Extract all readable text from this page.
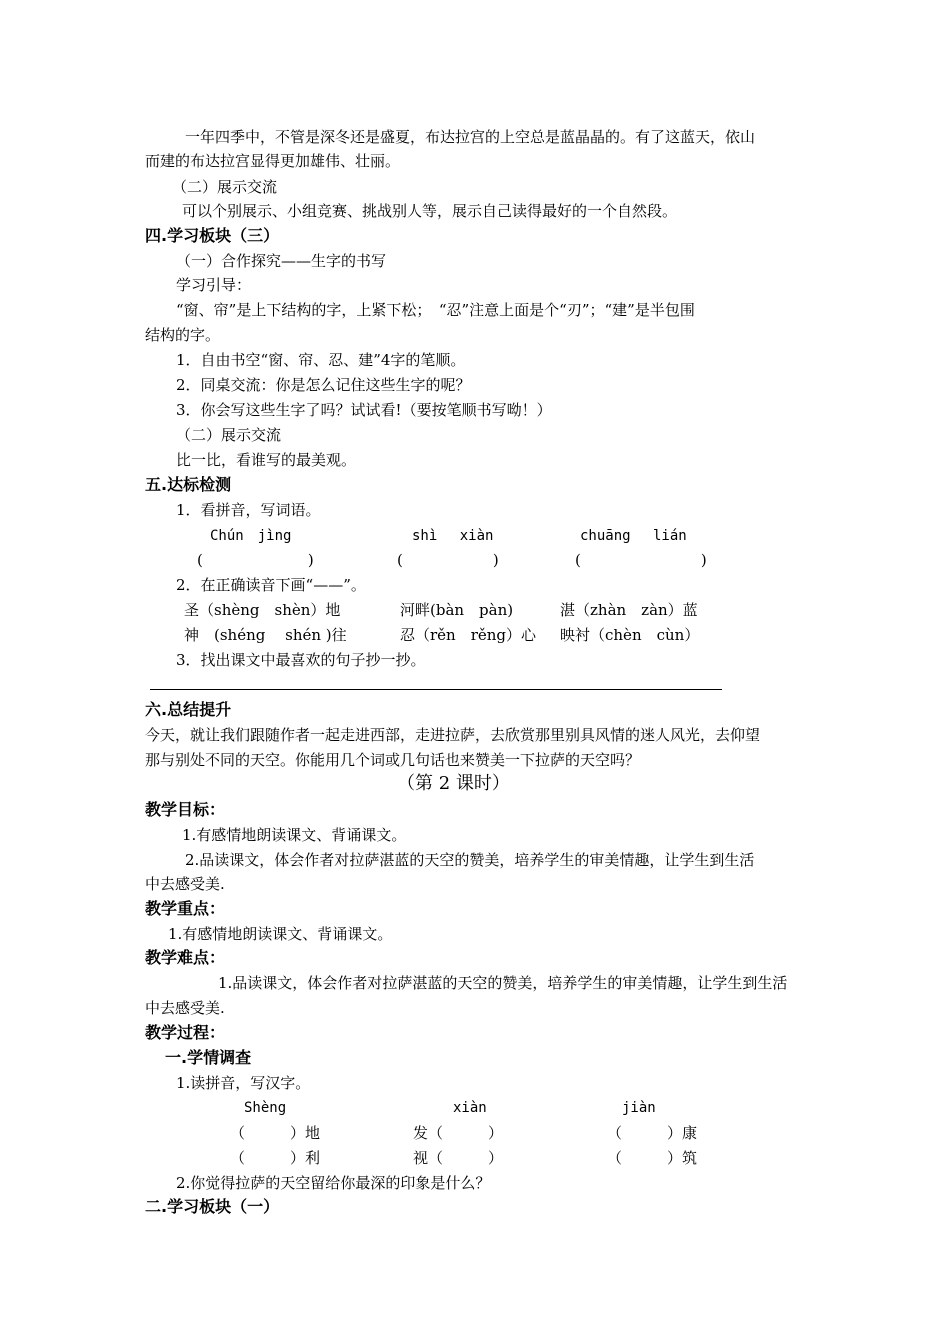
一年四季中，不管是深冬还是盛夏，布达拉宫的上空总是蓝晶晶的。有了这蓝天，依山
而建的布达拉宫显得更加雄伟、壮丽。
（二）展示交流
可以个别展示、小组竞赛、挑战别人等，展示自己读得最好的一个自然段。
四.学习板块（三）
（一）合作探究——生字的书写
学习引导：
“窗、帘”是上下结构的字，上紧下松；　“忍”注意上面是个“刃”；“建”是半包围
结构的字。
1．自由书空“窗、帘、忍、建”4字的笔顺。
2．同桌交流：你是怎么记住这些生字的呢？
3．你会写这些生字了吗？试试看!（要按笔顺书写呦！）
（二）展示交流
比一比，看谁写的最美观。
五.达标检测
1．看拼音，写词语。
Chún　jìng	shì　 xiàn	chuāng　 lián
(　　　　　　　)	(　　　　　　)	(　　　　　　　　)
2．在正确读音下画“——”。
圣（shèng　shèn）地	河畔(bàn　pàn)	湛（zhàn　zàn）蓝
神　(shéng　 shén )往	忍（rěn　rěng）心 映衬（chèn　cùn）
3．找出课文中最喜欢的句子抄一抄。
六.总结提升
今天，就让我们跟随作者一起走进西部，走进拉萨，去欣赏那里别具风情的迷人风光，去仰望
那与别处不同的天空。你能用几个词或几句话也来赞美一下拉萨的天空吗？
（第 2 课时）
教学目标：
1.有感情地朗读课文、背诵课文。
2.品读课文，体会作者对拉萨湛蓝的天空的赞美，培养学生的审美情趣，让学生到生活
中去感受美.
教学重点：
1.有感情地朗读课文、背诵课文。
教学难点：
1.品读课文，体会作者对拉萨湛蓝的天空的赞美，培养学生的审美情趣，让学生到生活
中去感受美.
教学过程：
一.学情调查
1.读拼音，写汉字。
Shèng	xiàn	jiàn
（　　　）地	发（　　　）	（　　　）康
（　　　）利	视（　　　）	（　　　）筑
2.你觉得拉萨的天空留给你最深的印象是什么？
二.学习板块（一）
